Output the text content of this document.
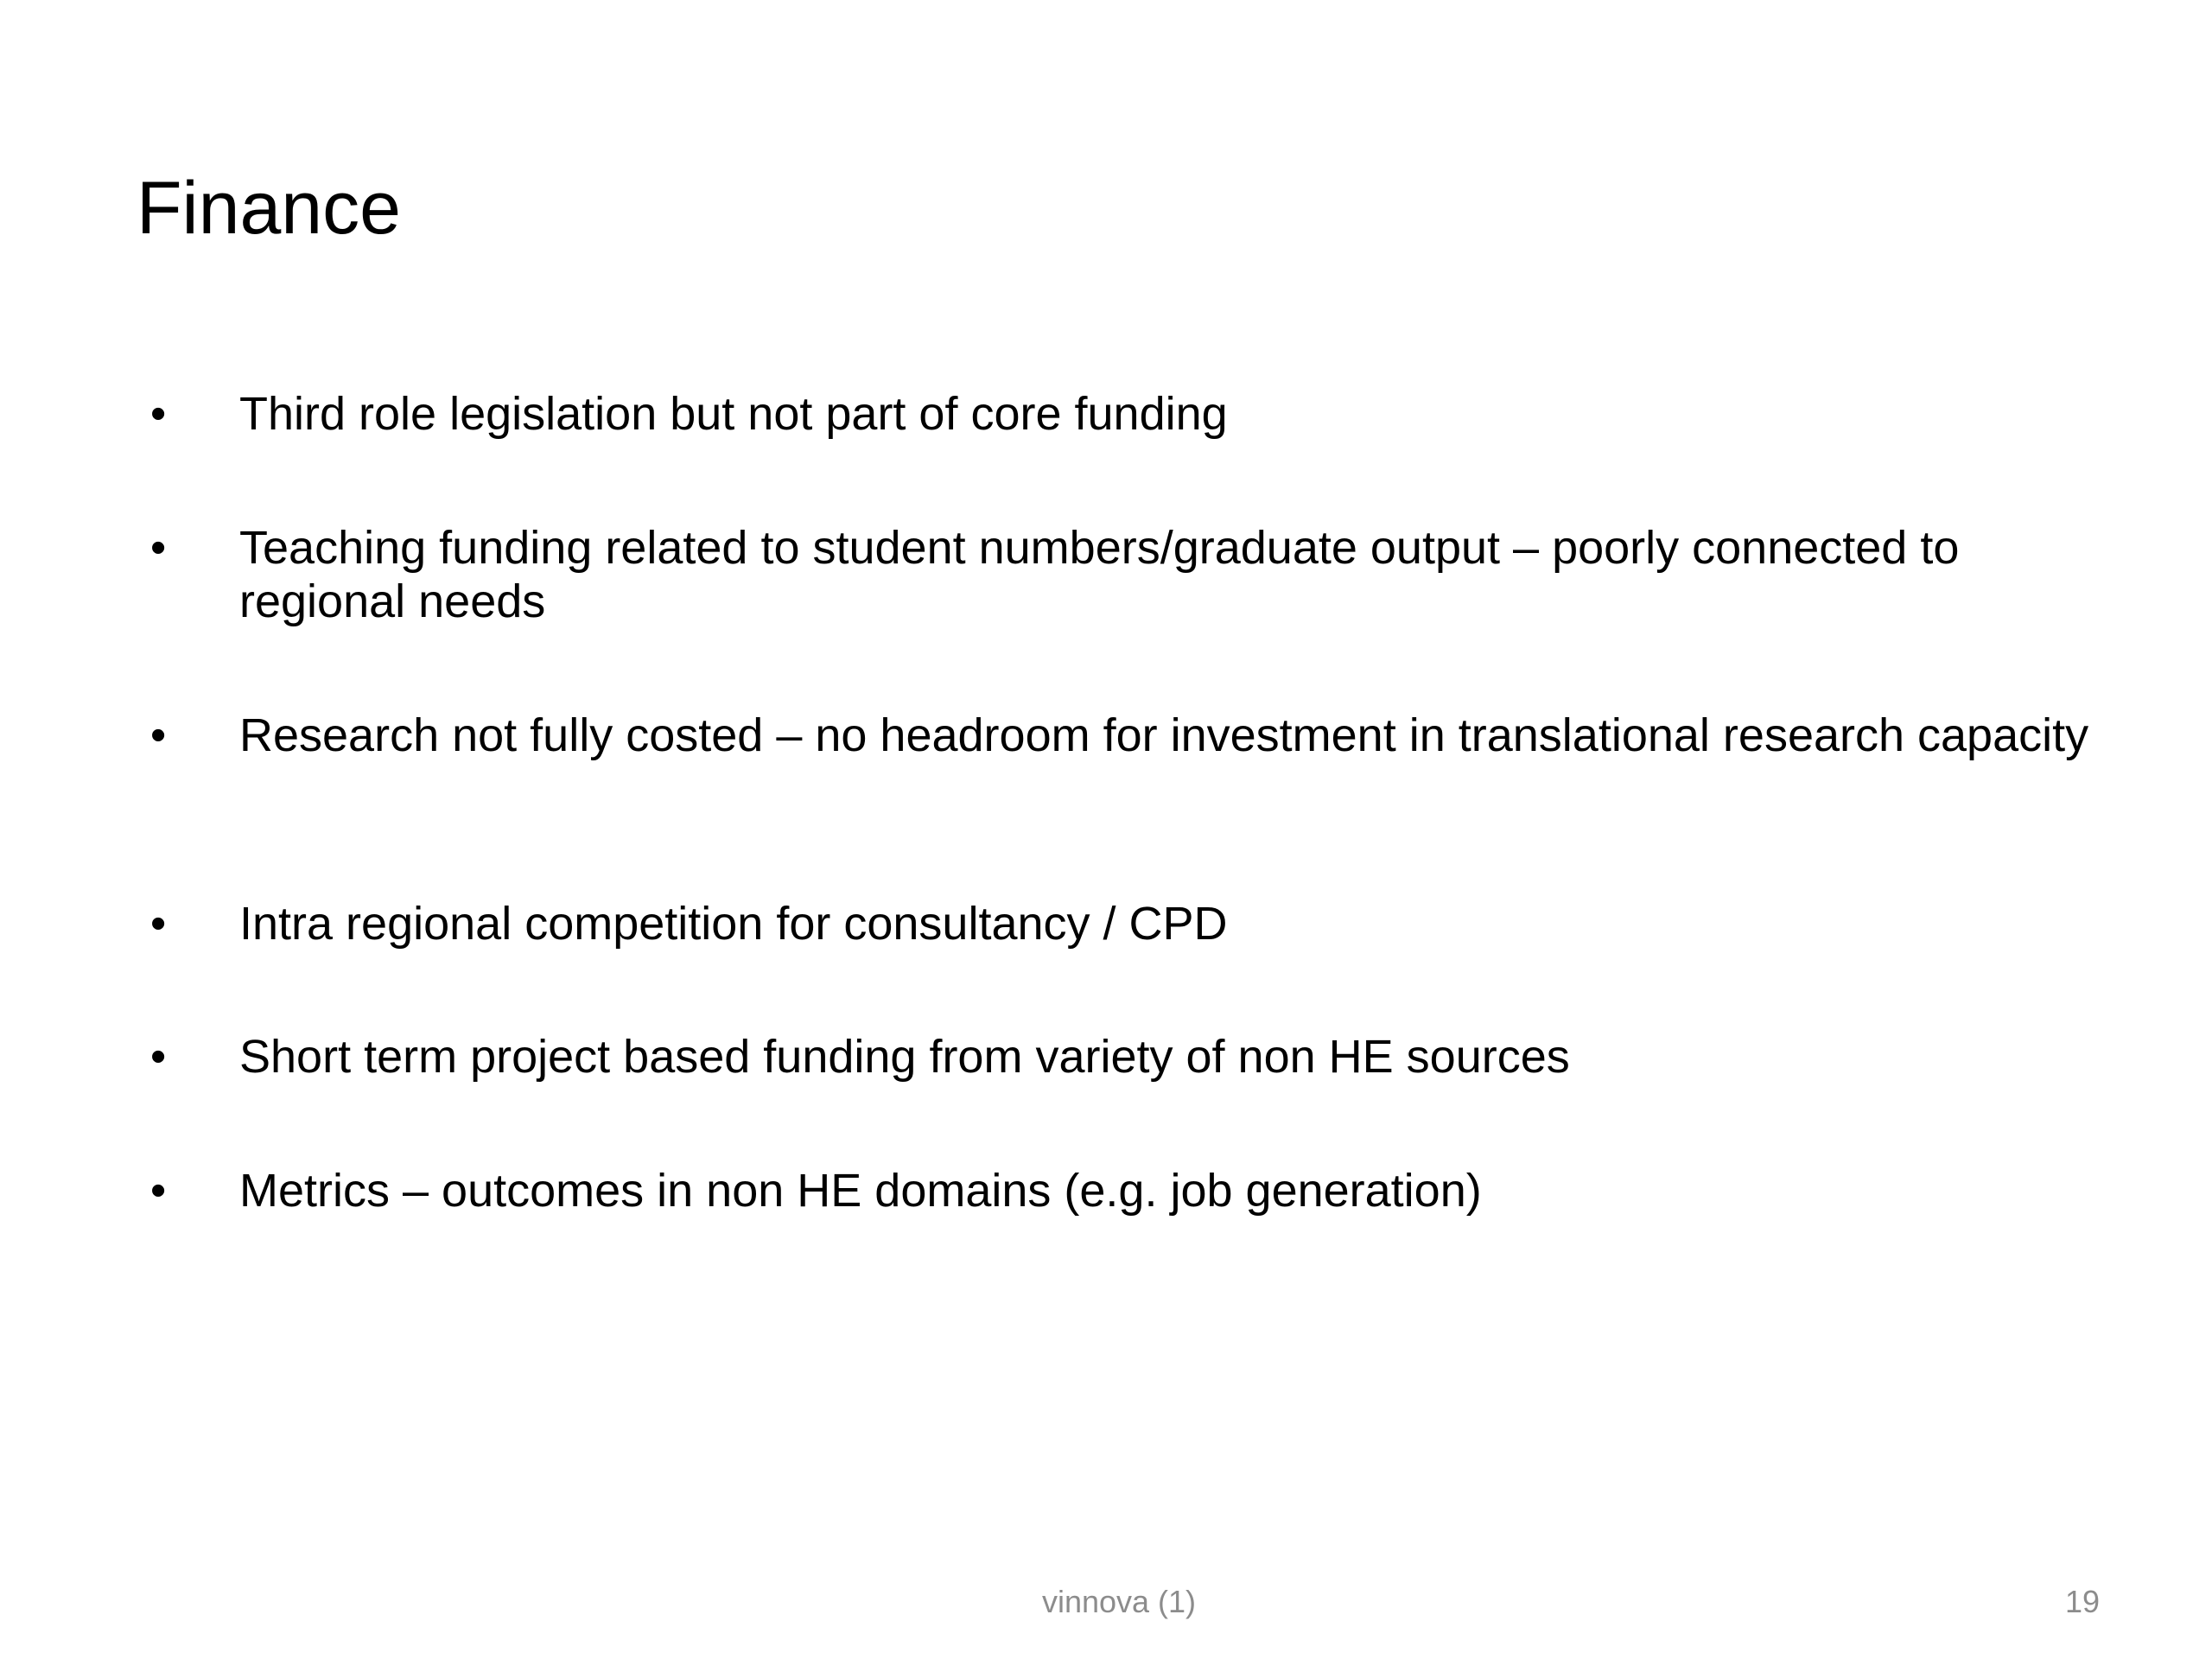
Finance
• Third role legislation but not part of core funding
• Teaching funding related to student numbers/graduate output – poorly connected to regional needs
• Research not fully costed – no headroom for investment in translational research capacity
• Intra regional competition for consultancy / CPD
• Short term project based funding from variety of non HE sources
• Metrics – outcomes in non HE domains (e.g. job generation)
vinnova (1)	19
